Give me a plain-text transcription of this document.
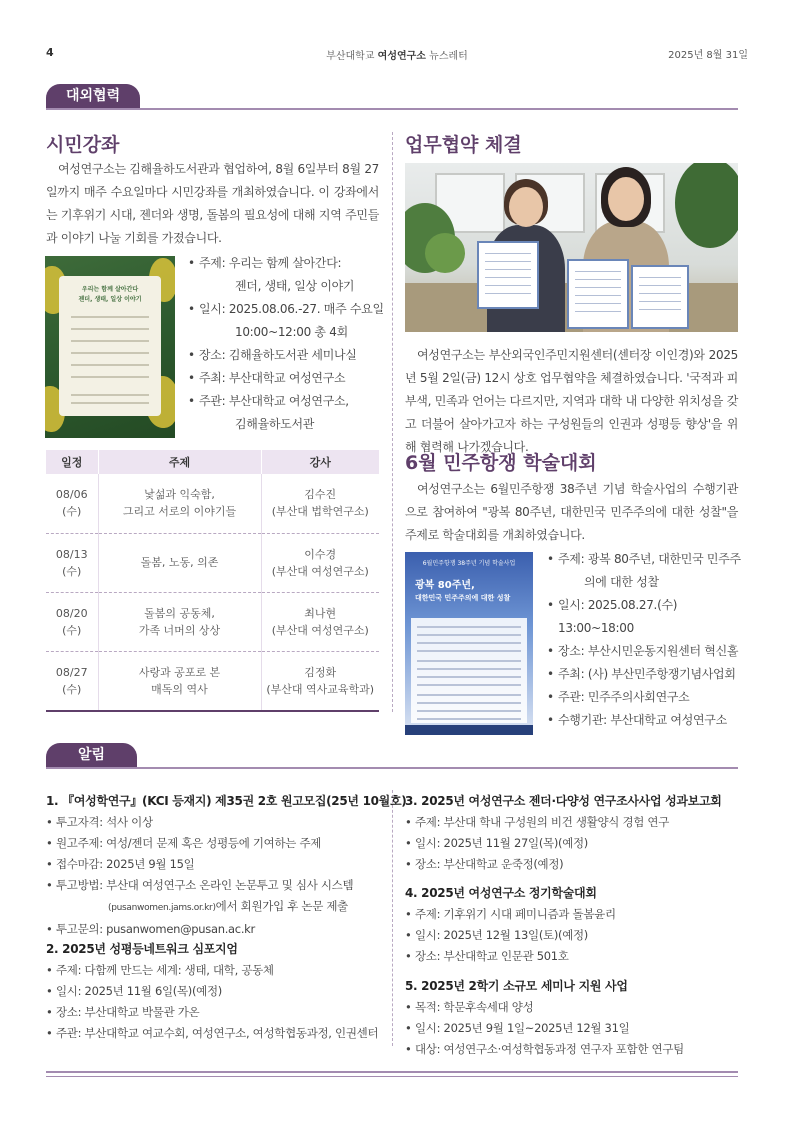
4	부산대학교 여성연구소 뉴스레터	2025년 8월 31일
대외협력
시민강좌

여성연구소는 김해율하도서관과 협업하여, 8월 6일부터 8월 27일까지 매주 수요일마다 시민강좌를 개최하였습니다. 이 강좌에서는 기후위기 시대, 젠더와 생명, 돌봄의 필요성에 대해 지역 주민들과 이야기 나눌 기회를 가졌습니다.

우리는 함께 살아간다
젠더, 생태, 일상 이야기
• 주제: 우리는 함께 살아간다:
젠더, 생태, 일상 이야기
• 일시: 2025.08.06.-27. 매주 수요일
10:00~12:00 총 4회
• 장소: 김해율하도서관 세미나실
• 주최: 부산대학교 여성연구소
• 주관: 부산대학교 여성연구소,
김해율하도서관
일정	주제	강사
08/06
(수)	낯섦과 익숙함,
그리고 서로의 이야기들	김수진
(부산대 법학연구소)
08/13
(수)	돌봄, 노동, 의존	이수경
(부산대 여성연구소)
08/20
(수)	돌봄의 공동체,
가족 너머의 상상	최나현
(부산대 여성연구소)
08/27
(수)	사랑과 공포로 본
매독의 역사	김정화
(부산대 역사교육학과)
업무협약 체결

여성연구소는 부산외국인주민지원센터(센터장 이인경)와 2025년 5월 2일(금) 12시 상호 업무협약을 체결하였습니다. '국적과 피부색, 민족과 언어는 다르지만, 지역과 대학 내 다양한 위치성을 갖고 더불어 살아가고자 하는 구성원들의 인권과 성평등 향상'을 위해 협력해 나가겠습니다.

6월 민주항쟁 학술대회

여성연구소는 6월민주항쟁 38주년 기념 학술사업의 수행기관으로 참여하여 "광복 80주년, 대한민국 민주주의에 대한 성찰"을 주제로 학술대회를 개최하였습니다.

6월민주항쟁 38주년 기념 학술사업
광복 80주년,
대한민국 민주주의에 대한 성찰
• 주제: 광복 80주년, 대한민국 민주주
의에 대한 성찰
• 일시: 2025.08.27.(수) 13:00~18:00
• 장소: 부산시민운동지원센터 혁신홀
• 주최: (사) 부산민주항쟁기념사업회
• 주관: 민주주의사회연구소
• 수행기관: 부산대학교 여성연구소
알림
1. 『여성학연구』(KCI 등재지) 제35권 2호 원고모집(25년 10월호)
• 투고자격: 석사 이상
• 원고주제: 여성/젠더 문제 혹은 성평등에 기여하는 주제
• 접수마감: 2025년 9월 15일
• 투고방법: 부산대 여성연구소 온라인 논문투고 및 심사 시스템
(pusanwomen.jams.or.kr)에서 회원가입 후 논문 제출
• 투고문의: pusanwomen@pusan.ac.kr
2. 2025년 성평등네트워크 심포지엄
• 주제: 다함께 만드는 세계: 생태, 대학, 공동체
• 일시: 2025년 11월 6일(목)(예정)
• 장소: 부산대학교 박물관 가온
• 주관: 부산대학교 여교수회, 여성연구소, 여성학협동과정, 인권센터
3. 2025년 여성연구소 젠더·다양성 연구조사사업 성과보고회
• 주제: 부산대 학내 구성원의 비건 생활양식 경험 연구
• 일시: 2025년 11월 27일(목)(예정)
• 장소: 부산대학교 운죽정(예정)
4. 2025년 여성연구소 정기학술대회
• 주제: 기후위기 시대 페미니즘과 돌봄윤리
• 일시: 2025년 12월 13일(토)(예정)
• 장소: 부산대학교 인문관 501호
5. 2025년 2학기 소규모 세미나 지원 사업
• 목적: 학문후속세대 양성
• 일시: 2025년 9월 1일~2025년 12월 31일
• 대상: 여성연구소·여성학협동과정 연구자 포함한 연구팀
